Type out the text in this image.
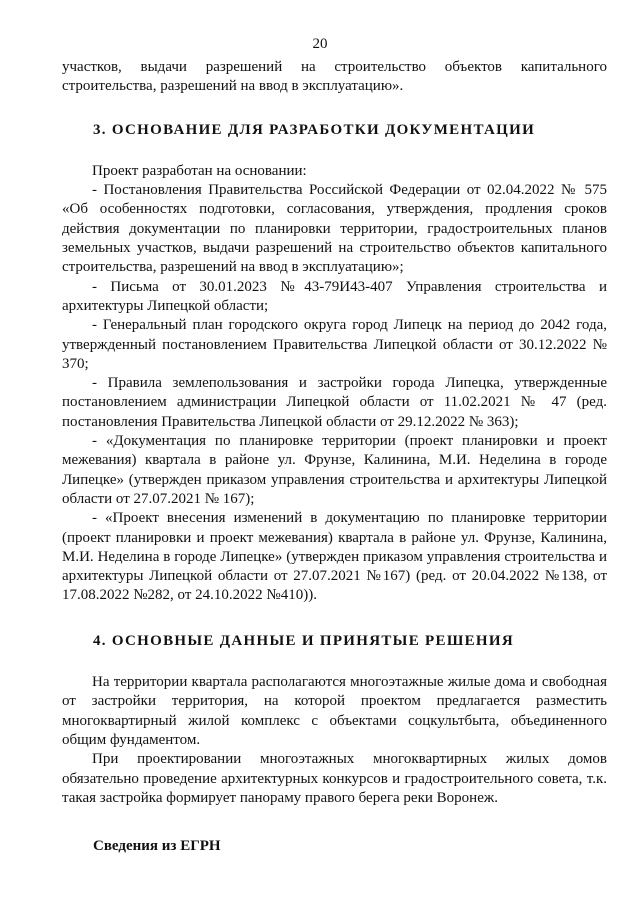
20

участков, выдачи разрешений на строительство объектов капитального строительства, разрешений на ввод в эксплуатацию».

3. ОСНОВАНИЕ ДЛЯ РАЗРАБОТКИ ДОКУМЕНТАЦИИ

Проект разработан на основании:

- Постановления Правительства Российской Федерации от 02.04.2022 № 575 «Об особенностях подготовки, согласования, утверждения, продления сроков действия документации по планировки территории, градостроительных планов земельных участков, выдачи разрешений на строительство объектов капитального строительства, разрешений на ввод в эксплуатацию»;

- Письма от 30.01.2023 №43-79И43-407 Управления строительства и архитектуры Липецкой области;

- Генеральный план городского округа город Липецк на период до 2042 года, утвержденный постановлением Правительства Липецкой области от 30.12.2022 № 370;

- Правила землепользования и застройки города Липецка, утвержденные постановлением администрации Липецкой области от 11.02.2021 № 47 (ред. постановления Правительства Липецкой области от 29.12.2022 № 363);

- «Документация по планировке территории (проект планировки и проект межевания) квартала в районе ул. Фрунзе, Калинина, М.И. Неделина в городе Липецке» (утвержден приказом управления строительства и архитектуры Липецкой области от 27.07.2021 № 167);

- «Проект внесения изменений в документацию по планировке территории (проект планировки и проект межевания) квартала в районе ул. Фрунзе, Калинина, М.И. Неделина в городе Липецке» (утвержден приказом управления строительства и архитектуры Липецкой области от 27.07.2021 №167) (ред. от 20.04.2022 №138, от 17.08.2022 №282, от 24.10.2022 №410)).

4. ОСНОВНЫЕ ДАННЫЕ И ПРИНЯТЫЕ РЕШЕНИЯ

На территории квартала располагаются многоэтажные жилые дома и свободная от застройки территория, на которой проектом предлагается разместить многоквартирный жилой комплекс с объектами соцкультбыта, объединенного общим фундаментом.

При проектировании многоэтажных многоквартирных жилых домов обязательно проведение архитектурных конкурсов и градостроительного совета, т.к. такая застройка формирует панораму правого берега реки Воронеж.

Сведения из ЕГРН
